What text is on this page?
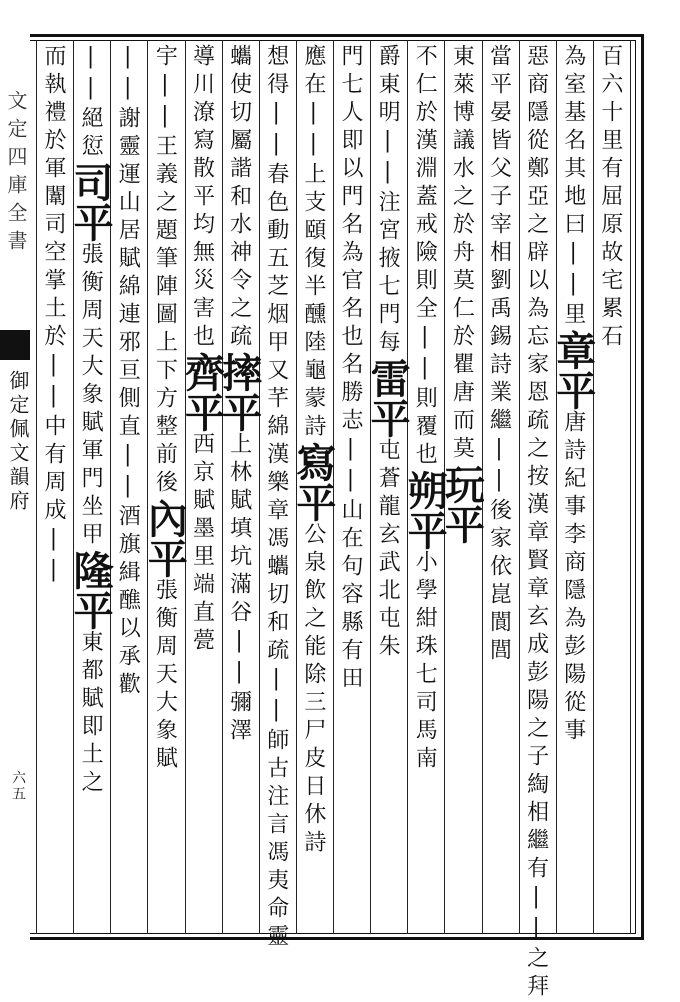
文定四庫全書
御定佩文韻府
六五
百六十里有屈原故宅累石
為室基名其地曰||里章平唐詩紀事李商隱為彭陽從事
惡商隱從鄭亞之辟以為忘家恩疏之按漢章賢章玄成彭陽之子綯相繼有||之拜
當平晏皆父子宰相劉禹錫詩業繼||後家依崑閬閭
東萊博議水之於舟莫仁於瞿唐而莫玩平
不仁於漢淵蓋戒險則全||則覆也朔平小學紺珠七司馬南
爵東明||注宮掖七門每雷平屯蒼龍玄武北屯朱
門七人即以門名為官名也名勝志||山在句容縣有田
應在||上支頤復半醺陸龜蒙詩寫平公泉飲之能除三尸皮日休詩
想得||春色動五芝烟甲又芊綿漢樂章馮蠵切和疏||師古注言馮夷命靈
蠵使切屬諧和水神令之疏摔平上林賦填坑滿谷||彌澤
導川潦寫散平均無災害也齊平西京賦墨里端直甍
宇||王義之題筆陣圖上下方整前後內平張衡周天大象賦
||謝靈運山居賦綿連邪亘側直||酒旗緝醮以承歡
||絕愆司平張衡周天大象賦軍門坐甲隆平東都賦即土之
而執禮於軍闈司空掌土於||中有周成||
